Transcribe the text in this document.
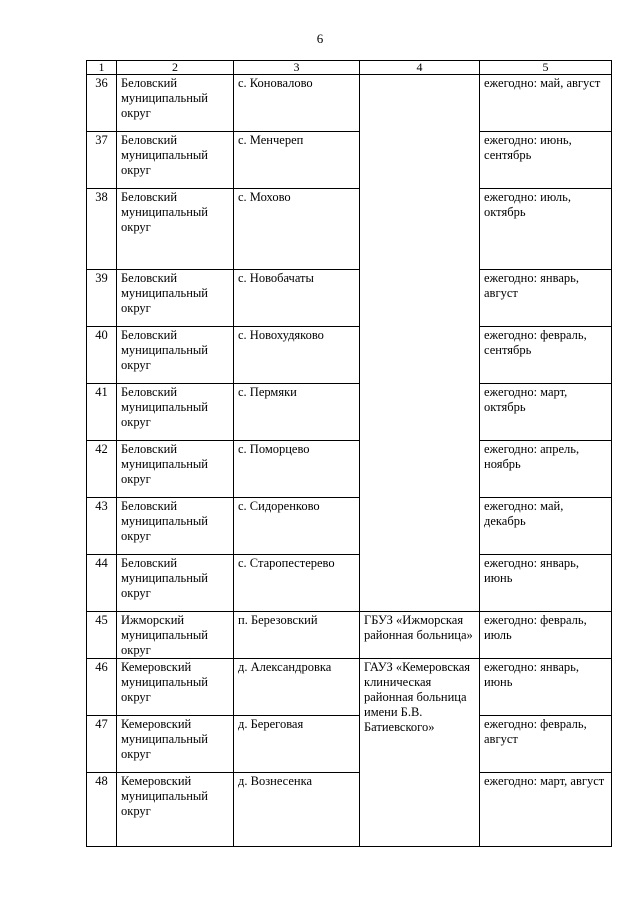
6
1	2	3	4	5
36	Беловский муниципальный округ	с. Коновалово		ежегодно: май, август
37	Беловский муниципальный округ	с. Менчереп		ежегодно: июнь, сентябрь
38	Беловский муниципальный округ	с. Мохово		ежегодно: июль, октябрь
39	Беловский муниципальный округ	с. Новобачаты		ежегодно: январь, август
40	Беловский муниципальный округ	с. Новохудяково		ежегодно: февраль, сентябрь
41	Беловский муниципальный округ	с. Пермяки		ежегодно: март, октябрь
42	Беловский муниципальный округ	с. Поморцево		ежегодно: апрель, ноябрь
43	Беловский муниципальный округ	с. Сидоренково		ежегодно: май, декабрь
44	Беловский муниципальный округ	с. Старопестерево		ежегодно: январь, июнь
45	Ижморский муниципальный округ	п. Березовский	ГБУЗ «Ижморская районная больница»	ежегодно: февраль, июль
46	Кемеровский муниципальный округ	д. Александровка	ГАУЗ «Кемеровская клиническая районная больница имени Б.В. Батиевского»	ежегодно: январь, июнь
47	Кемеровский муниципальный округ	д. Береговая		ежегодно: февраль, август
48	Кемеровский муниципальный округ	д. Вознесенка		ежегодно: март, август
